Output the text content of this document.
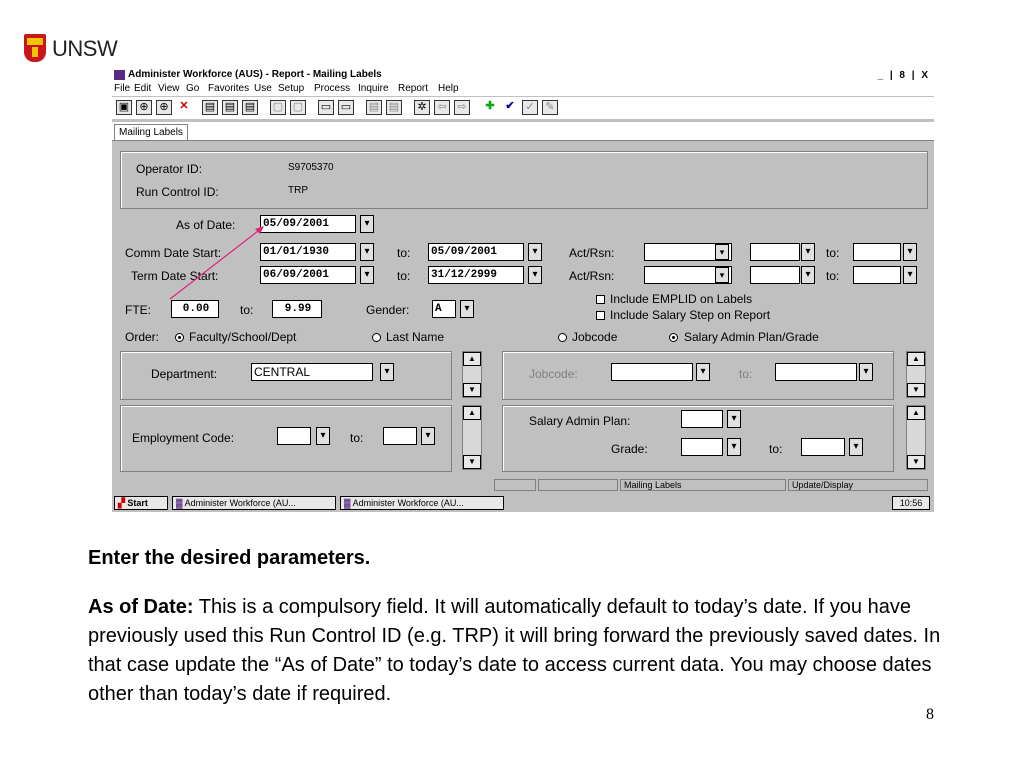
UNSW
Administer Workforce (AUS) - Report - Mailing Labels	_ | 8 | X
File Edit View Go Favorites Use Setup Process Inquire Report Help
▣ ⊕ ⊕ ✕	▤ ▤ ▤ ▢ ▢ ▭ ▭ ▤ ▤	✲ ⇦ ⇨	✚ ✔ ✓ ✎
Mailing Labels
Operator ID:	S9705370
Run Control ID:	TRP
As of Date:	05/09/2001	▾
Comm Date Start:	01/01/1930	▾	to: 05/09/2001	▾	Act/Rsn:	▾	▾	to:	▾
Term Date Start:	06/09/2001	▾	to: 31/12/2999	▾	Act/Rsn:	▾	▾	to:	▾
FTE:	0.00	to:	9.99	Gender: A	▾
Include EMPLID on Labels
Include Salary Step on Report
Order: Faculty/School/Dept	Last Name	Jobcode	Salary Admin Plan/Grade
Department:	CENTRAL	▾
▲
▼
Jobcode:	▾	to:	▾
▲
▼
Employment Code:	▾	to:	▾
▲
▼
Salary Admin Plan:	▾
Grade:	▾	to:	▾
▲
▼
Mailing Labels	Update/Display
▞ Start	▓ Administer Workforce (AU...	▓ Administer Workforce (AU...	10:56
Enter the desired parameters.
As of Date: This is a compulsory field. It will automatically default to today’s date. If you have previously used this Run Control ID (e.g. TRP) it will bring forward the previously saved dates. In that case update the “As of Date” to today’s date to access current data. You may choose dates other than today’s date if required.
8
